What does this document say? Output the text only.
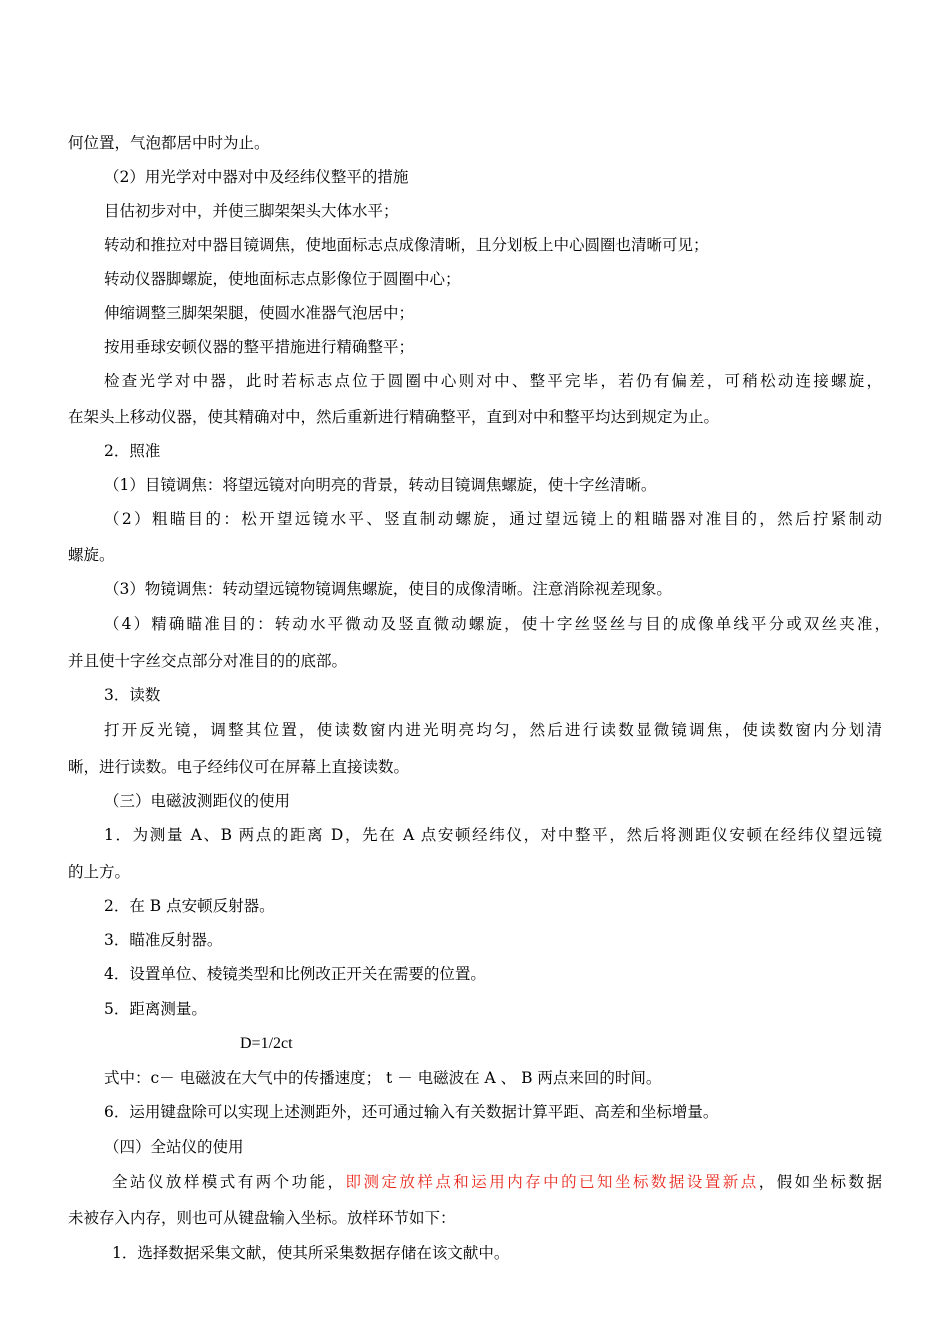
何位置，气泡都居中时为止。

（2）用光学对中器对中及经纬仪整平的措施

目估初步对中，并使三脚架架头大体水平；

转动和推拉对中器目镜调焦，使地面标志点成像清晰，且分划板上中心圆圈也清晰可见；

转动仪器脚螺旋，使地面标志点影像位于圆圈中心；

伸缩调整三脚架架腿，使圆水准器气泡居中；

按用垂球安顿仪器的整平措施进行精确整平；

检查光学对中器，此时若标志点位于圆圈中心则对中、整平完毕，若仍有偏差，可稍松动连接螺旋，

在架头上移动仪器，使其精确对中，然后重新进行精确整平，直到对中和整平均达到规定为止。

2．照准

（1）目镜调焦：将望远镜对向明亮的背景，转动目镜调焦螺旋，使十字丝清晰。

（2）粗瞄目的：松开望远镜水平、竖直制动螺旋，通过望远镜上的粗瞄器对准目的，然后拧紧制动

螺旋。

（3）物镜调焦：转动望远镜物镜调焦螺旋，使目的成像清晰。注意消除视差现象。

（4）精确瞄准目的：转动水平微动及竖直微动螺旋，使十字丝竖丝与目的成像单线平分或双丝夹准，

并且使十字丝交点部分对准目的的底部。

3．读数

打开反光镜，调整其位置，使读数窗内进光明亮均匀，然后进行读数显微镜调焦，使读数窗内分划清

晰，进行读数。电子经纬仪可在屏幕上直接读数。

（三）电磁波测距仪的使用

1．为测量 A、B 两点的距离 D，先在 A 点安顿经纬仪，对中整平，然后将测距仪安顿在经纬仪望远镜

的上方。

2．在 B 点安顿反射器。

3．瞄准反射器。

4．设置单位、棱镜类型和比例改正开关在需要的位置。

5．距离测量。

D=1/2ct

式中：c－ 电磁波在大气中的传播速度； t － 电磁波在 A 、 B 两点来回的时间。

6．运用键盘除可以实现上述测距外，还可通过输入有关数据计算平距、高差和坐标增量。

（四）全站仪的使用

全站仪放样模式有两个功能，即测定放样点和运用内存中的已知坐标数据设置新点，假如坐标数据

未被存入内存，则也可从键盘输入坐标。放样环节如下：

1．选择数据采集文献，使其所采集数据存储在该文献中。
